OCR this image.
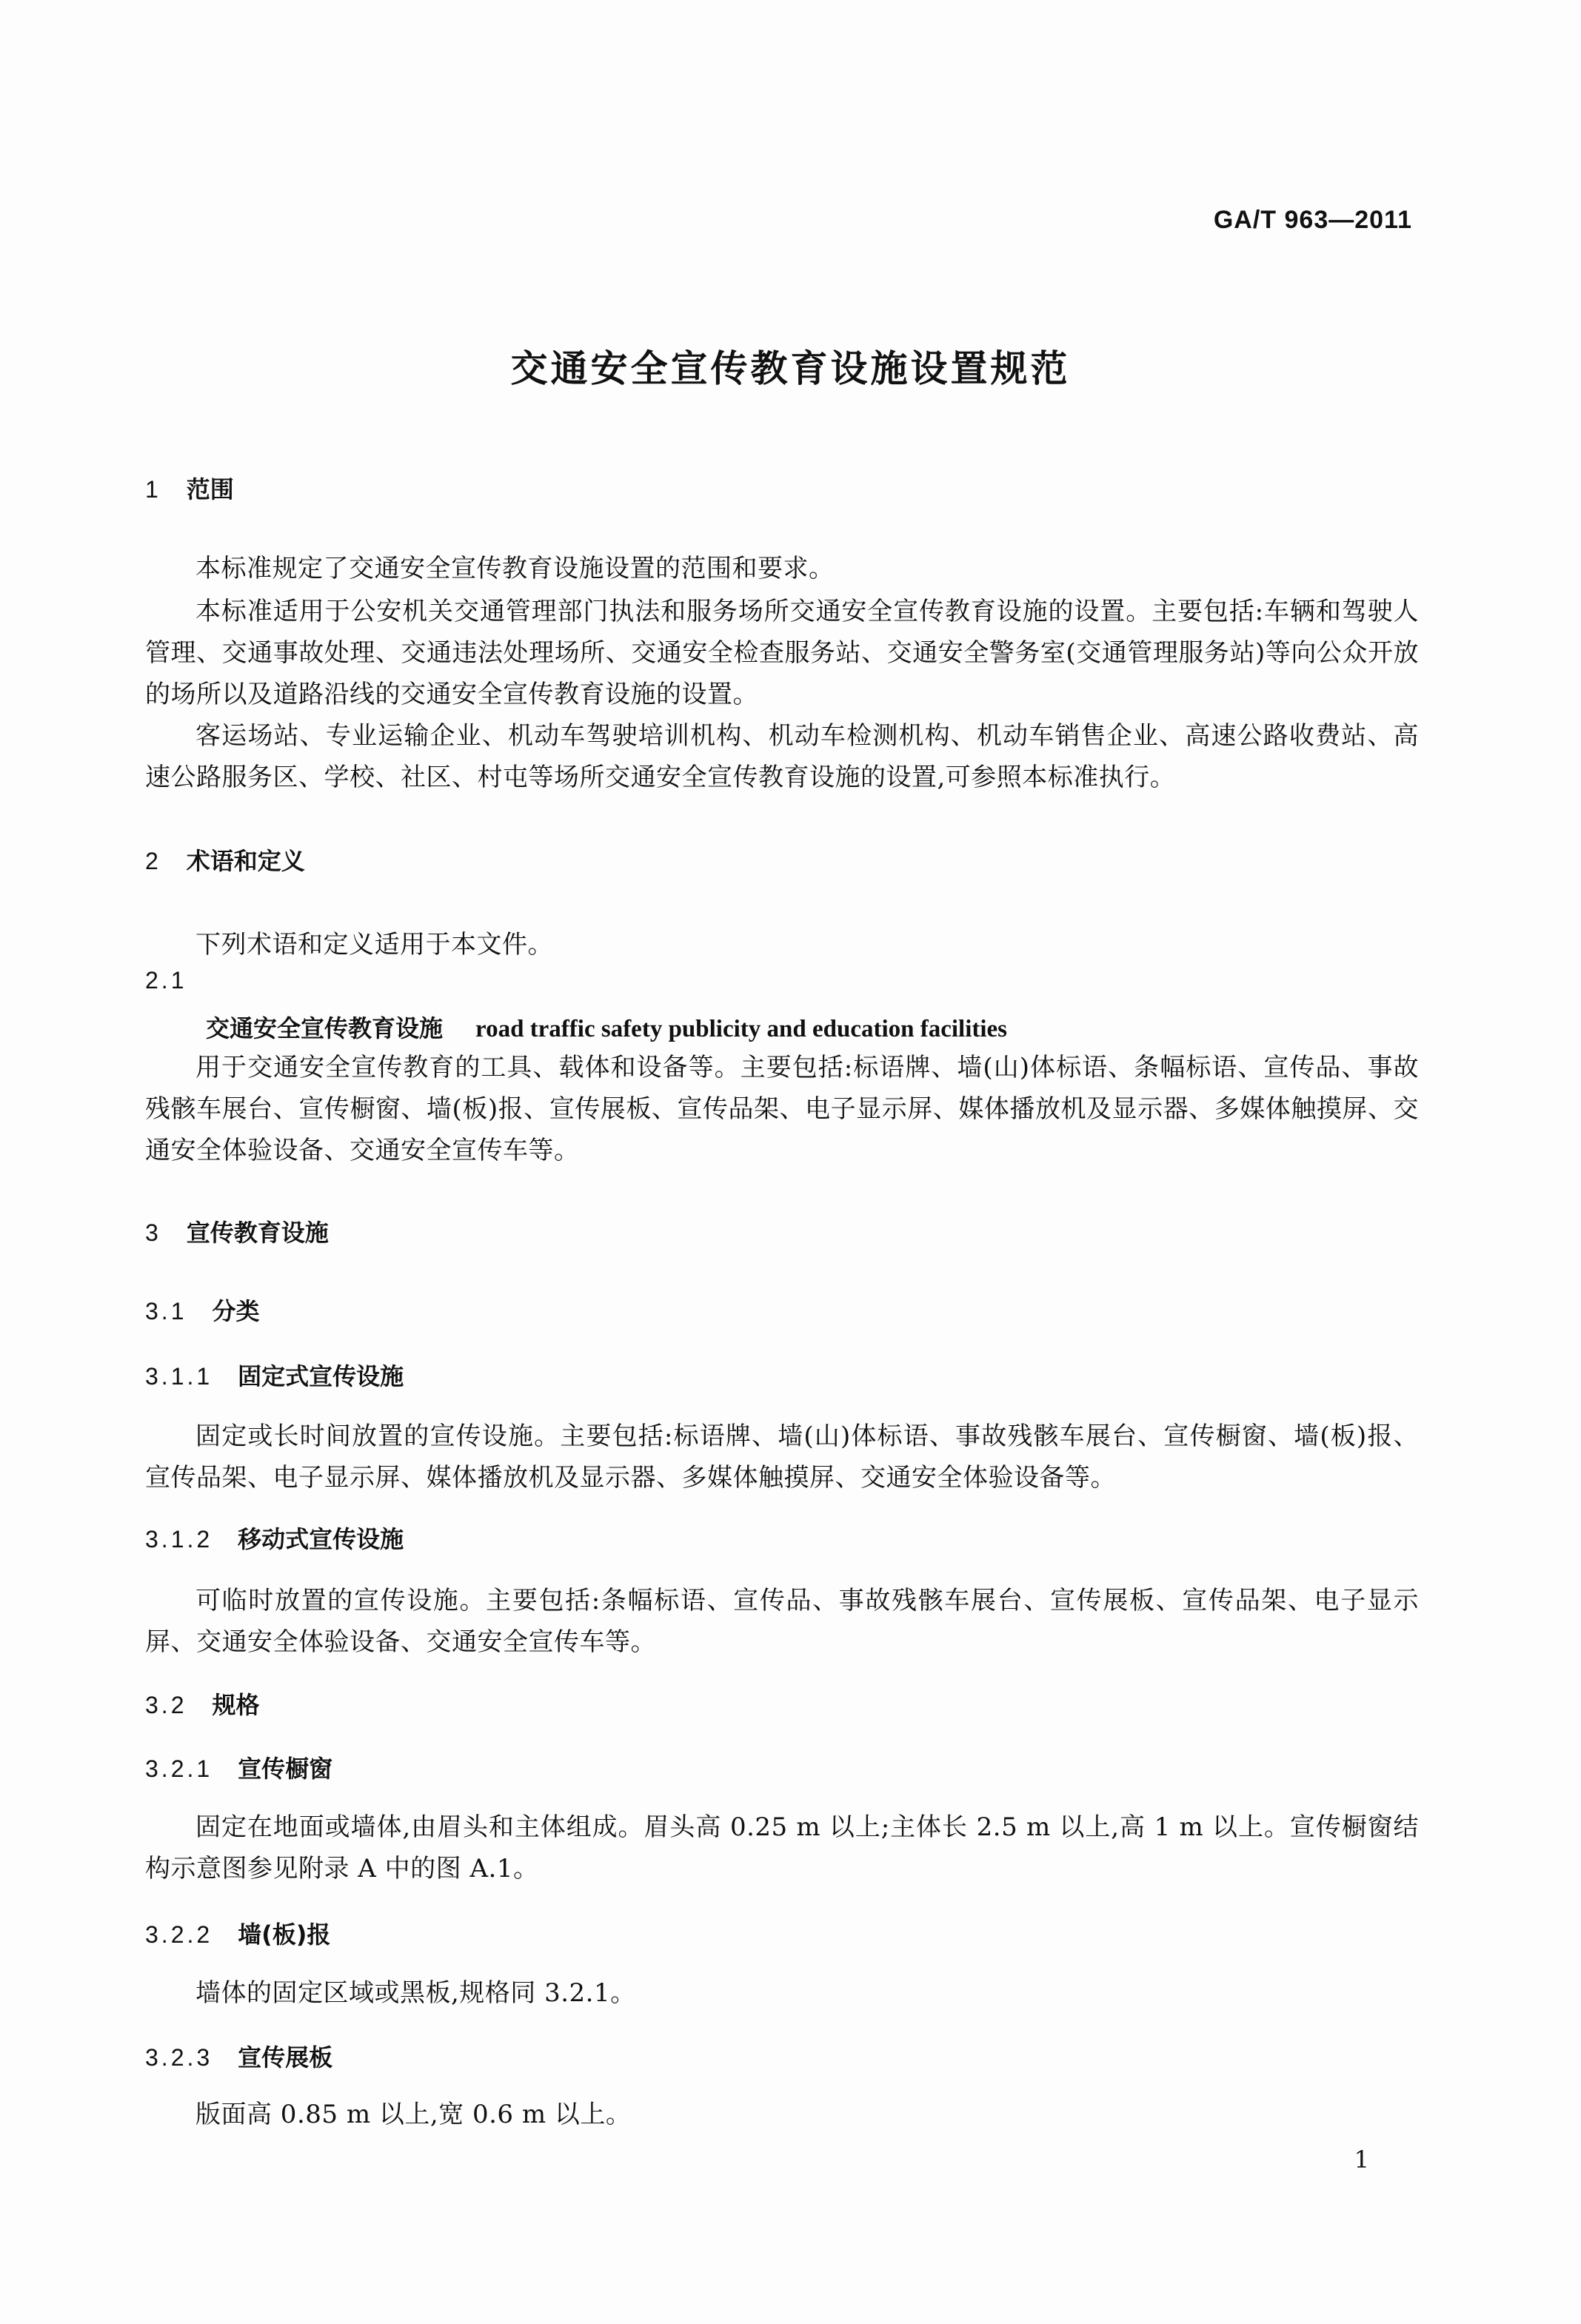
GA/T 963—2011
交通安全宣传教育设施设置规范
1 范围
本标准规定了交通安全宣传教育设施设置的范围和要求。
本标准适用于公安机关交通管理部门执法和服务场所交通安全宣传教育设施的设置。主要包括:车辆和驾驶人管理、交通事故处理、交通违法处理场所、交通安全检查服务站、交通安全警务室(交通管理服务站)等向公众开放的场所以及道路沿线的交通安全宣传教育设施的设置。
客运场站、专业运输企业、机动车驾驶培训机构、机动车检测机构、机动车销售企业、高速公路收费站、高速公路服务区、学校、社区、村屯等场所交通安全宣传教育设施的设置,可参照本标准执行。
2 术语和定义
下列术语和定义适用于本文件。
2.1
交通安全宣传教育设施 road traffic safety publicity and education facilities
用于交通安全宣传教育的工具、载体和设备等。主要包括:标语牌、墙(山)体标语、条幅标语、宣传品、事故残骸车展台、宣传橱窗、墙(板)报、宣传展板、宣传品架、电子显示屏、媒体播放机及显示器、多媒体触摸屏、交通安全体验设备、交通安全宣传车等。
3 宣传教育设施
3.1 分类
3.1.1 固定式宣传设施
固定或长时间放置的宣传设施。主要包括:标语牌、墙(山)体标语、事故残骸车展台、宣传橱窗、墙(板)报、宣传品架、电子显示屏、媒体播放机及显示器、多媒体触摸屏、交通安全体验设备等。
3.1.2 移动式宣传设施
可临时放置的宣传设施。主要包括:条幅标语、宣传品、事故残骸车展台、宣传展板、宣传品架、电子显示屏、交通安全体验设备、交通安全宣传车等。
3.2 规格
3.2.1 宣传橱窗
固定在地面或墙体,由眉头和主体组成。眉头高 0.25 m 以上;主体长 2.5 m 以上,高 1 m 以上。宣传橱窗结构示意图参见附录 A 中的图 A.1。
3.2.2 墙(板)报
墙体的固定区域或黑板,规格同 3.2.1。
3.2.3 宣传展板
版面高 0.85 m 以上,宽 0.6 m 以上。
1
